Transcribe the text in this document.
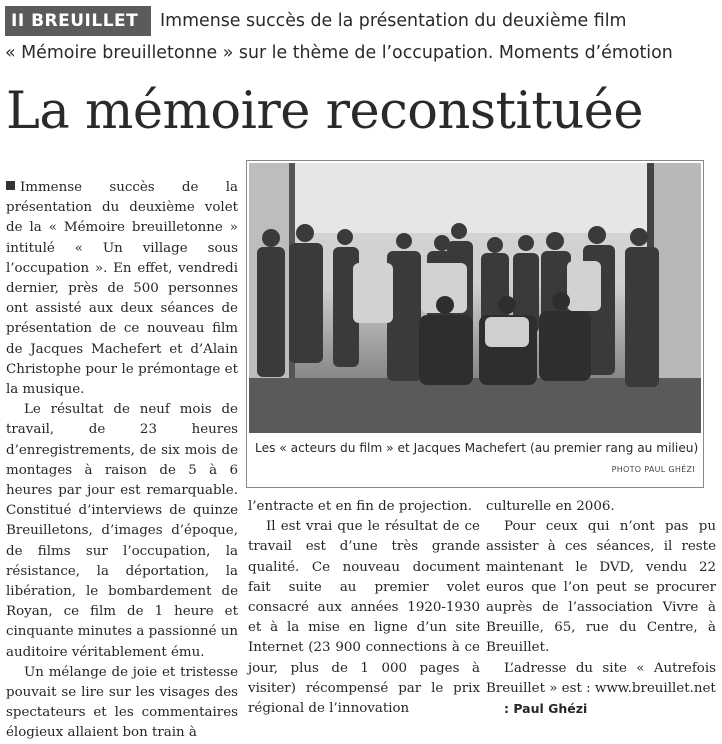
II BREUILLET	Immense succès de la présentation du deuxième film
« Mémoire breuilletonne » sur le thème de l’occupation. Moments d’émotion
La mémoire reconstituée

Immense succès de la présentation du deuxième volet de la « Mémoire breuilletonne » intitulé « Un village sous l’occupation ». En effet, vendredi dernier, près de 500 personnes ont assisté aux deux séances de présentation de ce nouveau film de Jacques Machefert et d’Alain Christophe pour le prémontage et la musique.

Le résultat de neuf mois de travail, de 23 heures d’enregistrements, de six mois de montages à raison de 5 à 6 heures par jour est remarquable. Constitué d’interviews de quinze Breuilletons, d’images d’époque, de films sur l’occupation, la résistance, la déportation, la libération, le bombardement de Royan, ce film de 1 heure et cinquante minutes a passionné un auditoire véritablement ému.

Un mélange de joie et tristesse pouvait se lire sur les visages des spectateurs et les commentaires élogieux allaient bon train à

Les « acteurs du film » et Jacques Machefert (au premier rang au milieu)
PHOTO PAUL GHÉZI

l’entracte et en fin de projection.

Il est vrai que le résultat de ce travail est d’une très grande qualité. Ce nouveau document fait suite au premier volet consacré aux années 1920-1930 et à la mise en ligne d’un site Internet (23 900 connections à ce jour, plus de 1 000 pages à visiter) récompensé par le prix régional de l’innovation

culturelle en 2006.

Pour ceux qui n’ont pas pu assister à ces séances, il reste maintenant le DVD, vendu 22 euros que l’on peut se procurer auprès de l’association Vivre à Breuille, 65, rue du Centre, à Breuillet.

L’adresse du site « Autrefois Breuillet » est : www.breuillet.net

: Paul Ghézi
